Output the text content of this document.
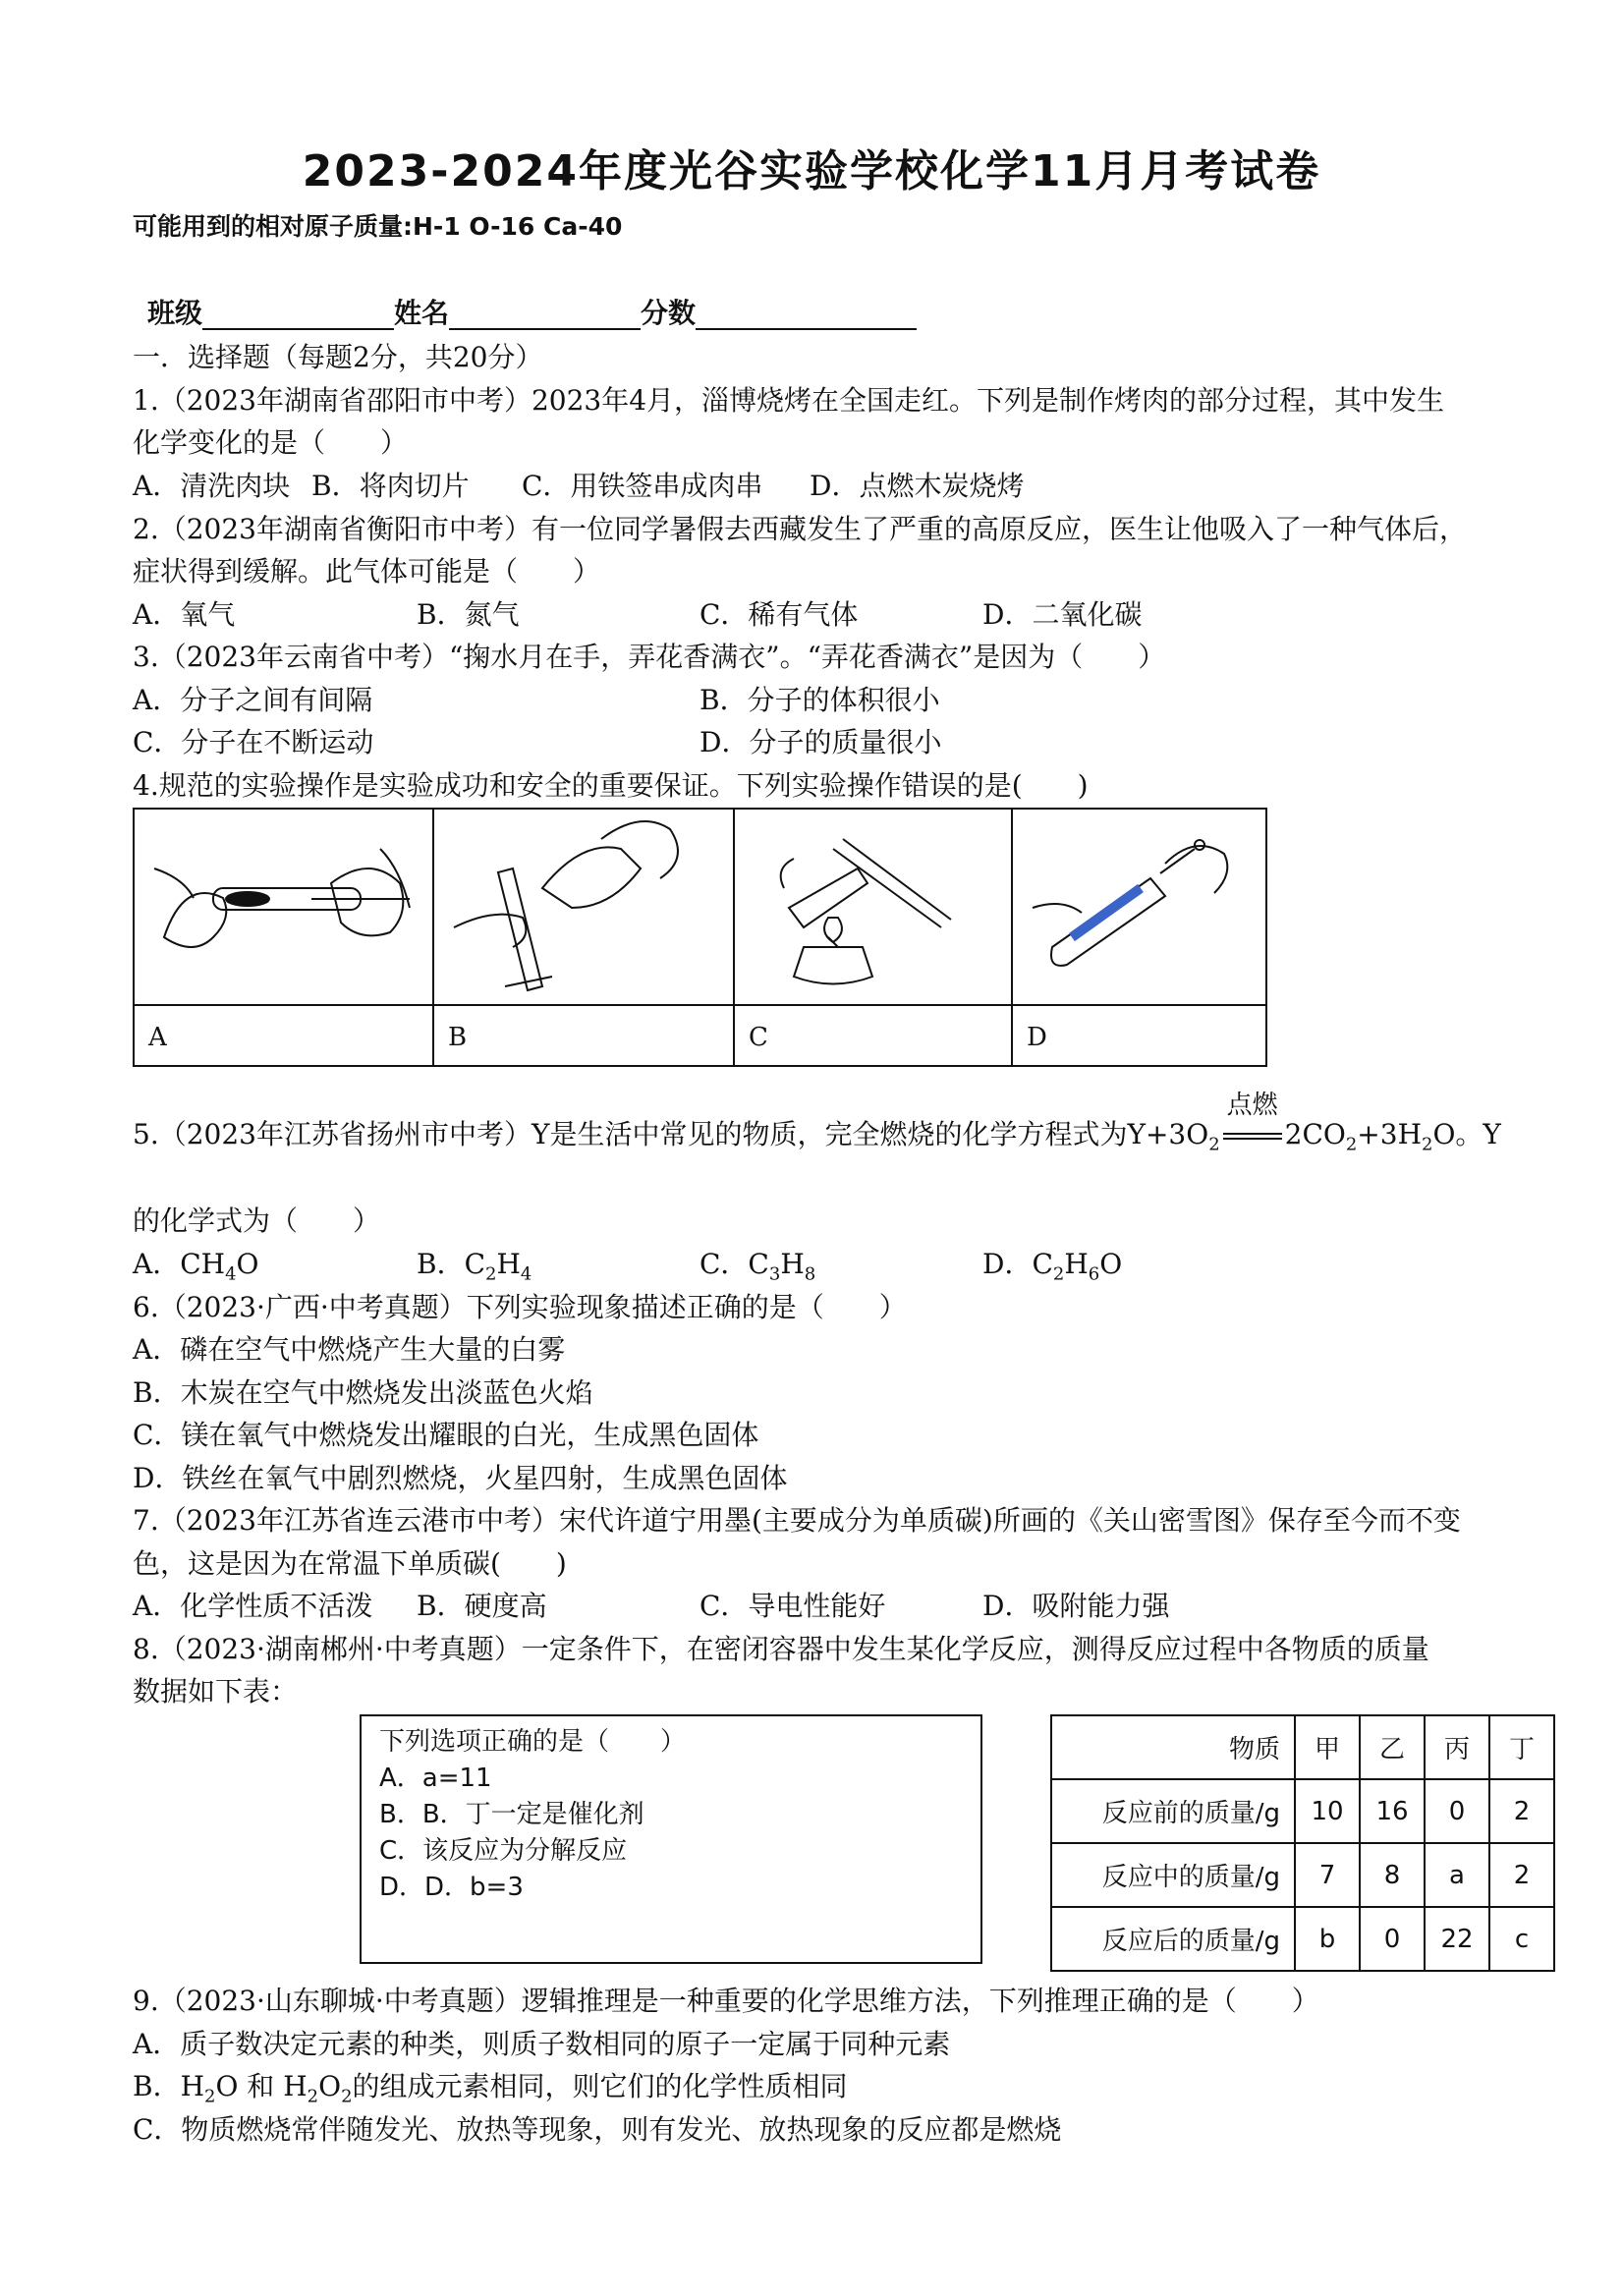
2023-2024年度光谷实验学校化学11月月考试卷
可能用到的相对原子质量:H-1 O-16 Ca-40
班级	姓名	分数
一．选择题（每题2分，共20分）
1.（2023年湖南省邵阳市中考）2023年4月，淄博烧烤在全国走红。下列是制作烤肉的部分过程，其中发生
化学变化的是（　　）
A．清洗肉块 B．将肉切片 C．用铁签串成肉串 D．点燃木炭烧烤
2.（2023年湖南省衡阳市中考）有一位同学暑假去西藏发生了严重的高原反应，医生让他吸入了一种气体后，
症状得到缓解。此气体可能是（　　）
A．氧气	B．氮气	C．稀有气体	D．二氧化碳
3.（2023年云南省中考）“掬水月在手，弄花香满衣”。“弄花香满衣”是因为（　　）
A．分子之间有间隔	B．分子的体积很小
C．分子在不断运动	D．分子的质量很小
4.规范的实验操作是实验成功和安全的重要保证。下列实验操作错误的是(　　)
A	B	C	D
5.（2023年江苏省扬州市中考）Y是生活中常见的物质，完全燃烧的化学方程式为$Y+3O_2$
点燃
$2CO_2+3H_2O$。Y
的化学式为（　　）
A．$CH_4O$	B．$C_2H_4$	C．$C_3H_8$	D．$C_2H_6O$
6.（2023·广西·中考真题）下列实验现象描述正确的是（　　）
A．磷在空气中燃烧产生大量的白雾
B．木炭在空气中燃烧发出淡蓝色火焰
C．镁在氧气中燃烧发出耀眼的白光，生成黑色固体
D．铁丝在氧气中剧烈燃烧，火星四射，生成黑色固体
7.（2023年江苏省连云港市中考）宋代许道宁用墨(主要成分为单质碳)所画的《关山密雪图》保存至今而不变
色，这是因为在常温下单质碳(　　)
A．化学性质不活泼 B．硬度高	C．导电性能好	D．吸附能力强
8.（2023·湖南郴州·中考真题）一定条件下，在密闭容器中发生某化学反应，测得反应过程中各物质的质量
数据如下表：
下列选项正确的是（　　）
A．a=11
B．B．丁一定是催化剂
C．该反应为分解反应
D．D．b=3
物质	甲	乙	丙	丁
反应前的质量/g	10	16	0	2
反应中的质量/g	7	8	a	2
反应后的质量/g	b	0	22	c
9.（2023·山东聊城·中考真题）逻辑推理是一种重要的化学思维方法，下列推理正确的是（　　）
A．质子数决定元素的种类，则质子数相同的原子一定属于同种元素
B．$H_2O$ 和 $H_2O_2$的组成元素相同，则它们的化学性质相同
C．物质燃烧常伴随发光、放热等现象，则有发光、放热现象的反应都是燃烧
